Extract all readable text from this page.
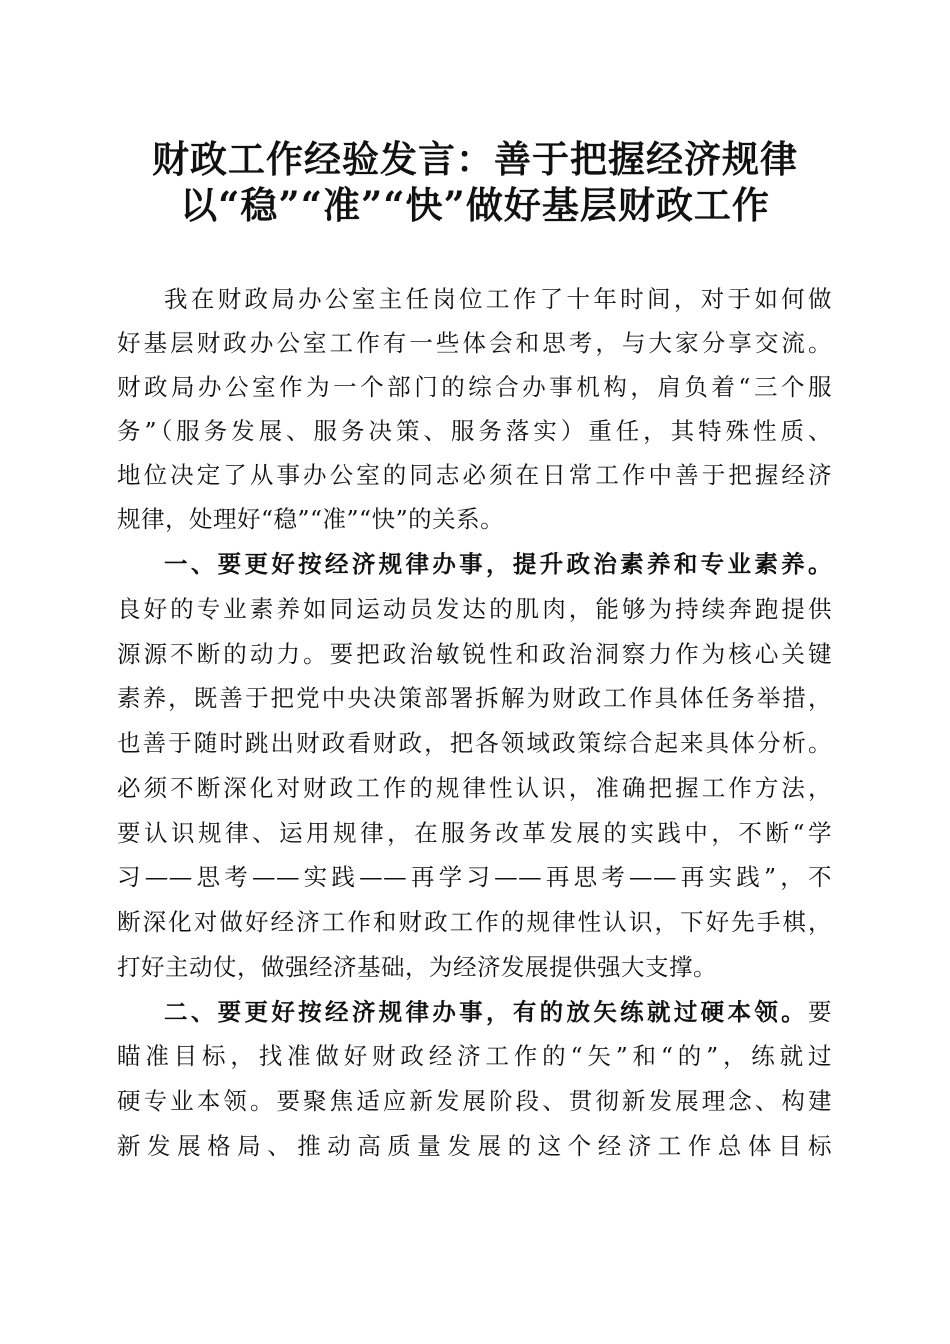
财政工作经验发言：善于把握经济规律
以“稳”“准”“快”做好基层财政工作
我在财政局办公室主任岗位工作了十年时间，对于如何做
好基层财政办公室工作有一些体会和思考，与大家分享交流。
财政局办公室作为一个部门的综合办事机构，肩负着“三个服
务”（服务发展、服务决策、服务落实）重任，其特殊性质、
地位决定了从事办公室的同志必须在日常工作中善于把握经济
规律，处理好“稳”“准”“快”的关系。
一、要更好按经济规律办事，提升政治素养和专业素养。
良好的专业素养如同运动员发达的肌肉，能够为持续奔跑提供
源源不断的动力。要把政治敏锐性和政治洞察力作为核心关键
素养，既善于把党中央决策部署拆解为财政工作具体任务举措，
也善于随时跳出财政看财政，把各领域政策综合起来具体分析。
必须不断深化对财政工作的规律性认识，准确把握工作方法，
要认识规律、运用规律，在服务改革发展的实践中，不断“学
习——思考——实践——再学习——再思考——再实践”，不
断深化对做好经济工作和财政工作的规律性认识，下好先手棋，
打好主动仗，做强经济基础，为经济发展提供强大支撑。
二、要更好按经济规律办事，有的放矢练就过硬本领。要
瞄准目标，找准做好财政经济工作的“矢”和“的”，练就过
硬专业本领。要聚焦适应新发展阶段、贯彻新发展理念、构建
新发展格局、推动高质量发展的这个经济工作总体目标
